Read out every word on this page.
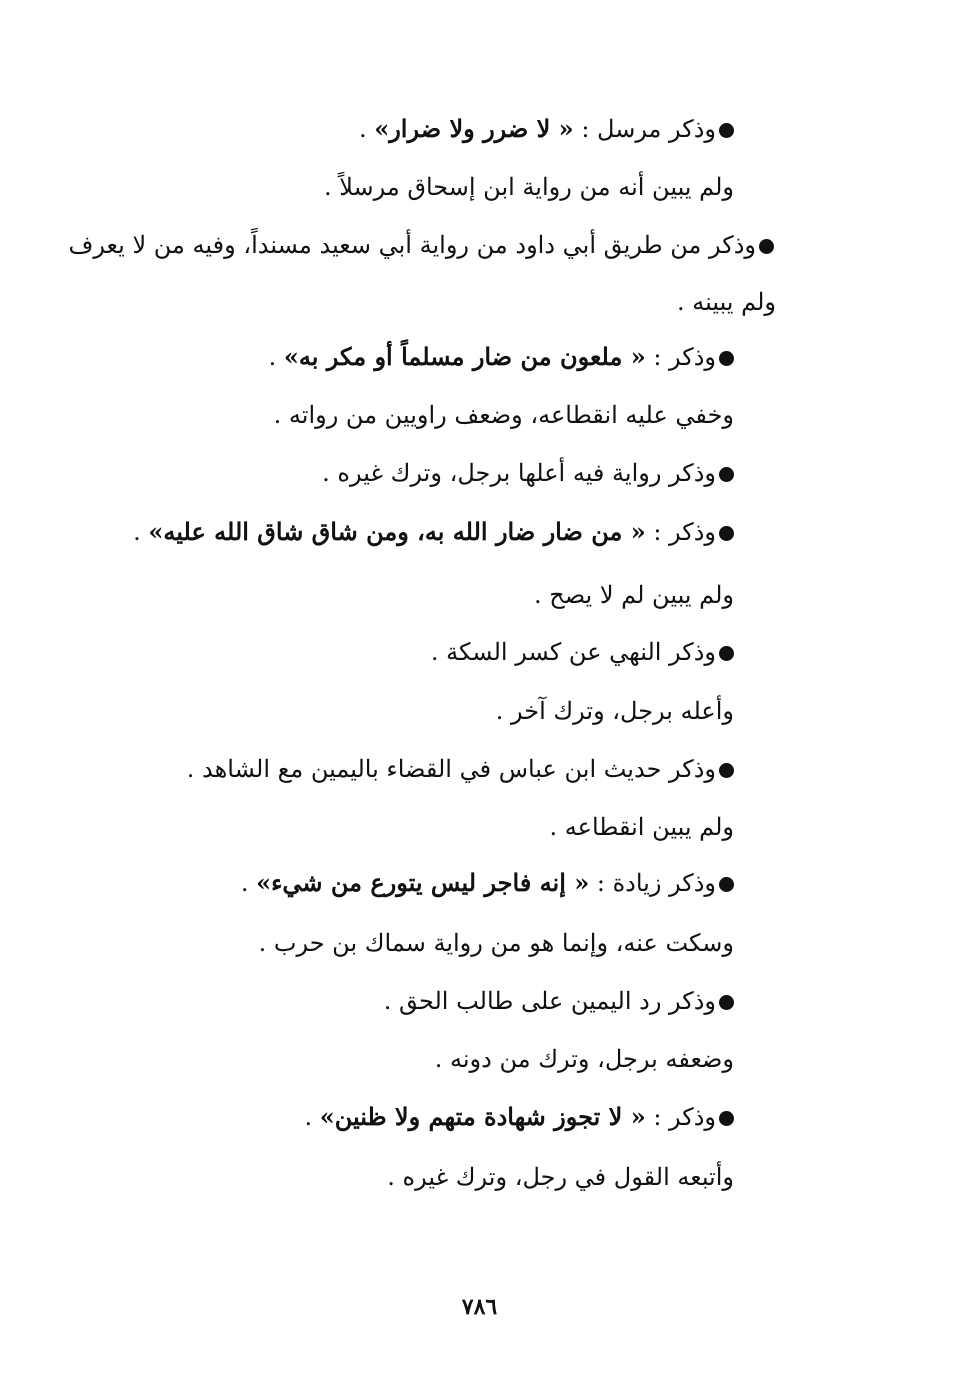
وذكر مرسل : « لا ضرر ولا ضرار» .
ولم يبين أنه من رواية ابن إسحاق مرسلاً .
وذكر من طريق أبي داود من رواية أبي سعيد مسنداً، وفيه من لا يعرف
ولم يبينه .
وذكر : « ملعون من ضار مسلماً أو مكر به» .
وخفي عليه انقطاعه، وضعف راويين من رواته .
وذكر رواية فيه أعلها برجل، وترك غيره .
وذكر : « من ضار ضار الله به، ومن شاق شاق الله عليه» .
ولم يبين لم لا يصح .
وذكر النهي عن كسر السكة .
وأعله برجل، وترك آخر .
وذكر حديث ابن عباس في القضاء باليمين مع الشاهد .
ولم يبين انقطاعه .
وذكر زيادة : « إنه فاجر ليس يتورع من شيء» .
وسكت عنه، وإنما هو من رواية سماك بن حرب .
وذكر رد اليمين على طالب الحق .
وضعفه برجل، وترك من دونه .
وذكر : « لا تجوز شهادة متهم ولا ظنين» .
وأتبعه القول في رجل، وترك غيره .
٧٨٦
